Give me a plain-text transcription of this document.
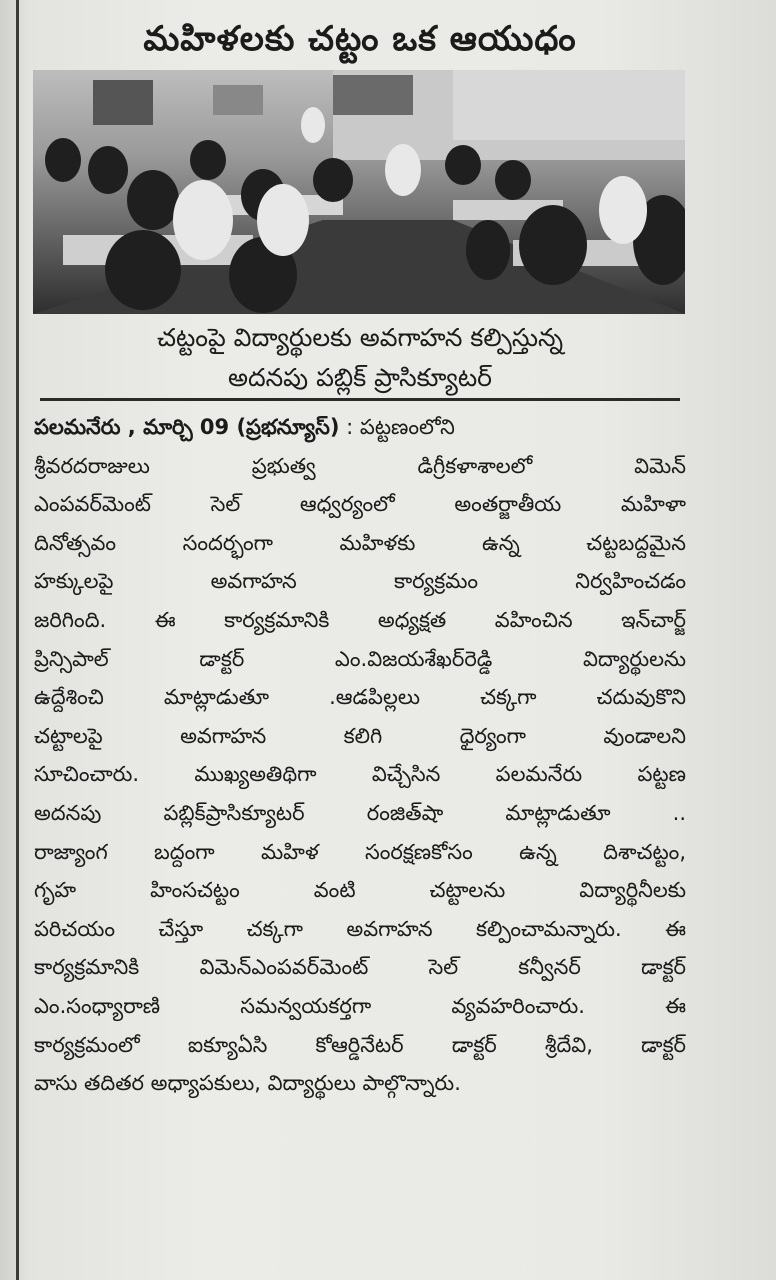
మహిళలకు చట్టం ఒక ఆయుధం
చట్టంపై విద్యార్థులకు అవగాహన కల్పిస్తున్న
అదనపు పబ్లిక్ ప్రాసిక్యూటర్
పలమనేరు , మార్చి 09 (ప్రభన్యూస్) : పట్టణంలోని
శ్రీవరదరాజులు ప్రభుత్వ డిగ్రీకళాశాలలో విమెన్
ఎంపవర్‌మెంట్ సెల్ ఆధ్వర్యంలో అంతర్జాతీయ మహిళా
దినోత్సవం సందర్భంగా మహిళకు ఉన్న చట్టబద్దమైన
హక్కులపై అవగాహన కార్యక్రమం నిర్వహించడం
జరిగింది. ఈ కార్యక్రమానికి అధ్యక్షత వహించిన ఇన్‌చార్జ్
ప్రిన్సిపాల్ డాక్టర్ ఎం.విజయశేఖర్‌రెడ్డి విద్యార్థులను
ఉద్దేశించి మాట్లాడుతూ .ఆడపిల్లలు చక్కగా చదువుకొని
చట్టాలపై అవగాహన కలిగి ధైర్యంగా వుండాలని
సూచించారు. ముఖ్యఅతిథిగా విచ్చేసిన పలమనేరు పట్టణ
అదనపు పబ్లిక్‌ప్రాసిక్యూటర్ రంజిత్‌షా మాట్లాడుతూ ..
రాజ్యాంగ బద్దంగా మహిళ సంరక్షణకోసం ఉన్న దిశాచట్టం,
గృహ హింసచట్టం వంటి చట్టాలను విద్యార్థినీలకు
పరిచయం చేస్తూ చక్కగా అవగాహన కల్పించామన్నారు. ఈ
కార్యక్రమానికి విమెన్‌ఎంపవర్‌మెంట్ సెల్ కన్వీనర్ డాక్టర్
ఎం.సంధ్యారాణి సమన్వయకర్తగా వ్యవహరించారు. ఈ
కార్యక్రమంలో ఐక్యూఏసి కోఆర్డినేటర్ డాక్టర్ శ్రీదేవి, డాక్టర్
వాసు తదితర అధ్యాపకులు, విద్యార్థులు పాల్గొన్నారు.
